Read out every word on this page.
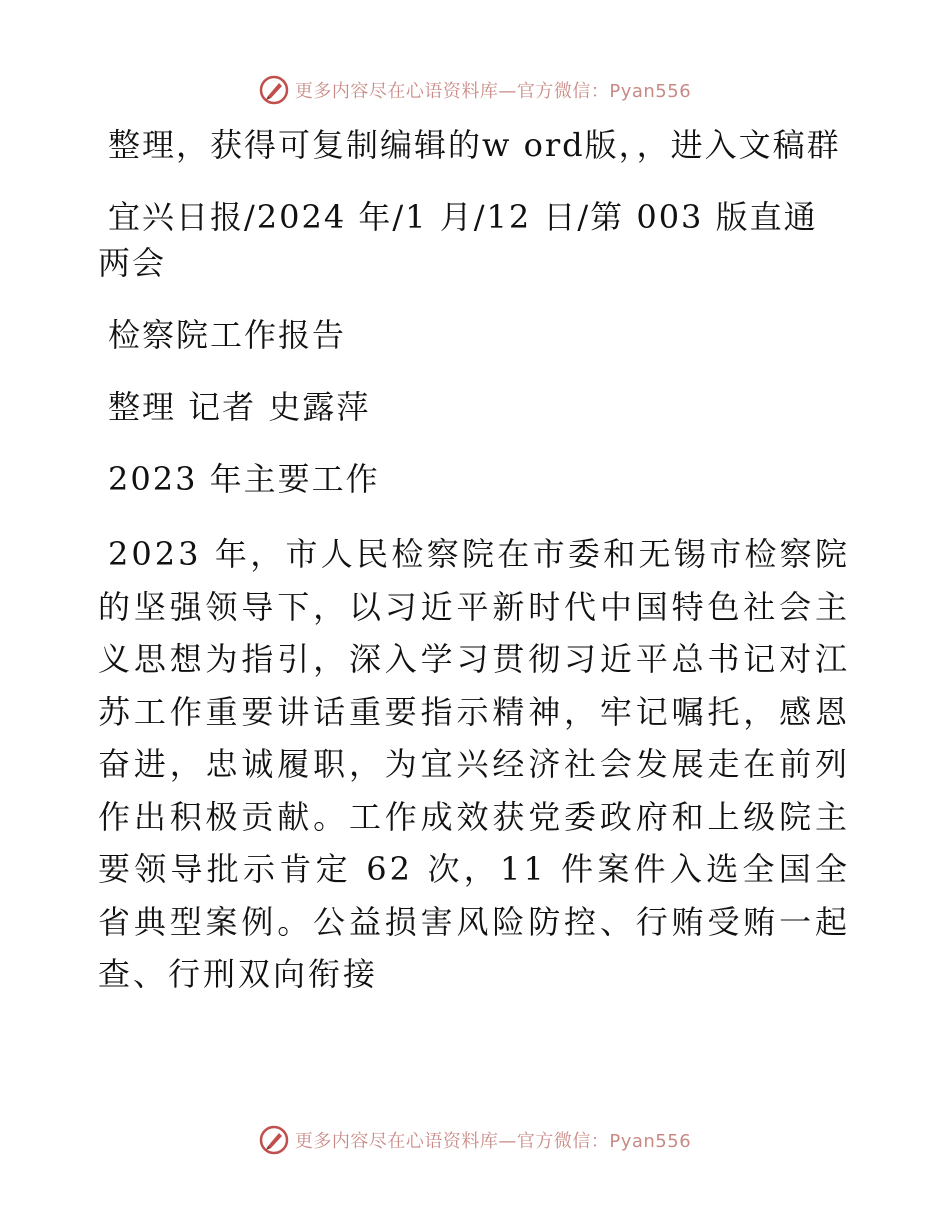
更多内容尽在心语资料库—官方微信：Pyan556

整理，获得可复制编辑的w ord版，，进入文稿群

宜兴日报/2024 年/1 月/12 日/第 003 版直通两会

检察院工作报告

整理 记者 史露萍

2023 年主要工作

2023 年，市人民检察院在市委和无锡市检察院的坚强领导下，以习近平新时代中国特色社会主义思想为指引，深入学习贯彻习近平总书记对江苏工作重要讲话重要指示精神，牢记嘱托，感恩奋进，忠诚履职，为宜兴经济社会发展走在前列作出积极贡献。工作成效获党委政府和上级院主要领导批示肯定 62 次，11 件案件入选全国全省典型案例。公益损害风险防控、行贿受贿一起查、行刑双向衔接

更多内容尽在心语资料库—官方微信：Pyan556
